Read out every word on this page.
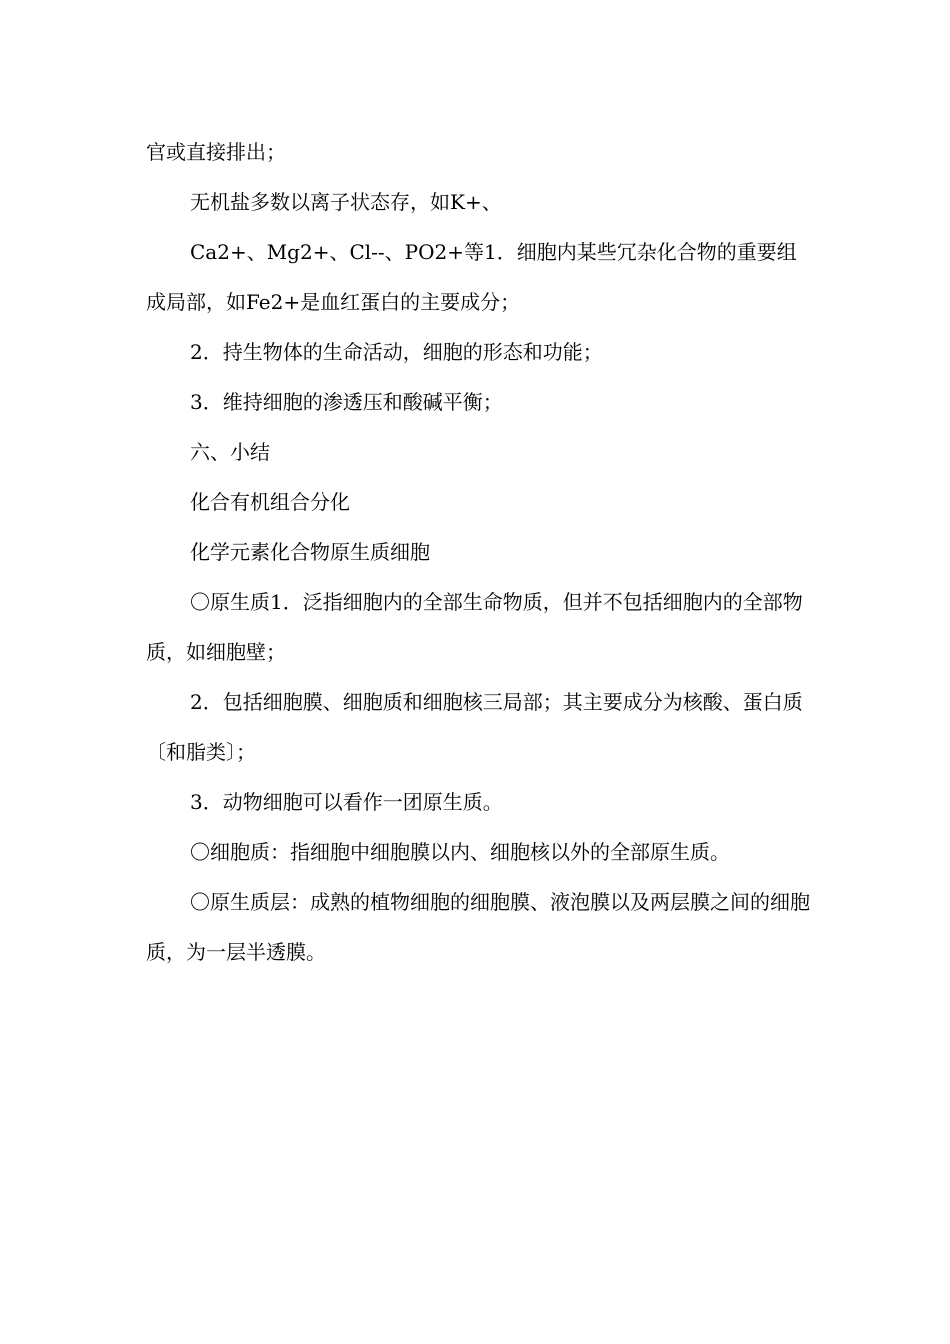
官或直接排出；

无机盐多数以离子状态存，如K+、

Ca2+、Mg2+、Cl--、PO2+等1．细胞内某些冗杂化合物的重要组成局部，如Fe2+是血红蛋白的主要成分；

2．持生物体的生命活动，细胞的形态和功能；

3．维持细胞的渗透压和酸碱平衡；

六、小结

化合有机组合分化

化学元素化合物原生质细胞

〇原生质1．泛指细胞内的全部生命物质，但并不包括细胞内的全部物质，如细胞壁；

2．包括细胞膜、细胞质和细胞核三局部；其主要成分为核酸、蛋白质〔和脂类〕；

3．动物细胞可以看作一团原生质。

〇细胞质：指细胞中细胞膜以内、细胞核以外的全部原生质。

〇原生质层：成熟的植物细胞的细胞膜、液泡膜以及两层膜之间的细胞质，为一层半透膜。
